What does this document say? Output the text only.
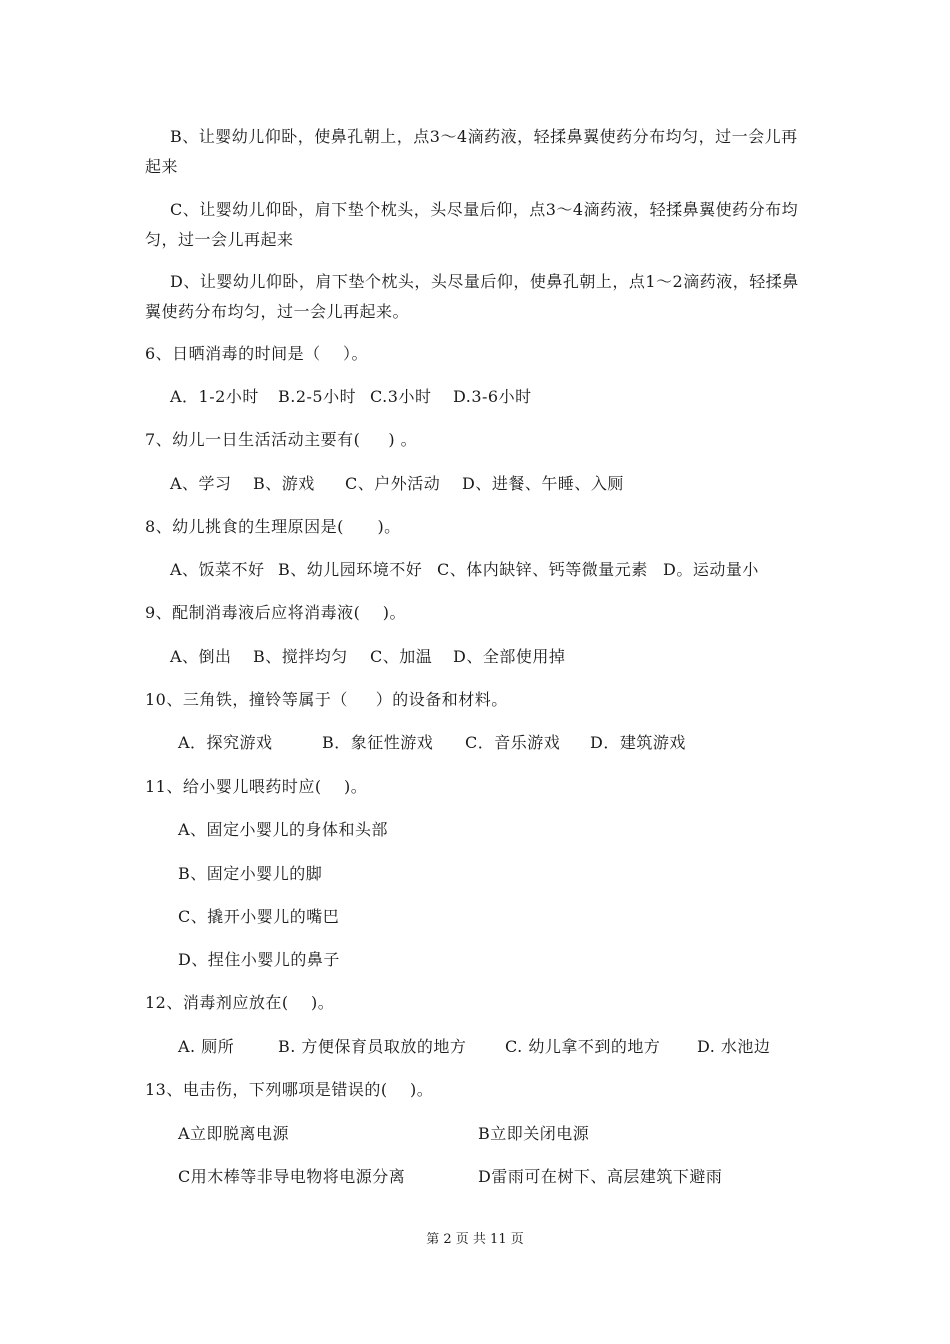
B、让婴幼儿仰卧，使鼻孔朝上，点3～4滴药液，轻揉鼻翼使药分布均匀，过一会儿再
起来
C、让婴幼儿仰卧，肩下垫个枕头，头尽量后仰，点3～4滴药液，轻揉鼻翼使药分布均
匀，过一会儿再起来
D、让婴幼儿仰卧，肩下垫个枕头，头尽量后仰，使鼻孔朝上，点1～2滴药液，轻揉鼻
翼使药分布均匀，过一会儿再起来。
6、日晒消毒的时间是（    ）。
A．1-2小时 B.2-5小时 C.3小时 D.3-6小时
7、幼儿一日生活活动主要有(     ) 。
A、学习 B、游戏 C、户外活动 D、进餐、午睡、入厕
8、幼儿挑食的生理原因是(      )。
A、饭菜不好 B、幼儿园环境不好 C、体内缺锌、钙等微量元素 D。运动量小
9、配制消毒液后应将消毒液(    )。
A、倒出 B、搅拌均匀 C、加温 D、全部使用掉
10、三角铁，撞铃等属于（     ）的设备和材料。
A．探究游戏	B．象征性游戏 C．音乐游戏 D．建筑游戏
11、给小婴儿喂药时应(    )。
A、固定小婴儿的身体和头部
B、固定小婴儿的脚
C、撬开小婴儿的嘴巴
D、捏住小婴儿的鼻子
12、消毒剂应放在(    )。
A. 厕所	B. 方便保育员取放的地方 C. 幼儿拿不到的地方 D. 水池边
13、电击伤，下列哪项是错误的(    )。
A立即脱离电源	B立即关闭电源
C用木棒等非导电物将电源分离	D雷雨可在树下、高层建筑下避雨
第 2 页 共 11 页
